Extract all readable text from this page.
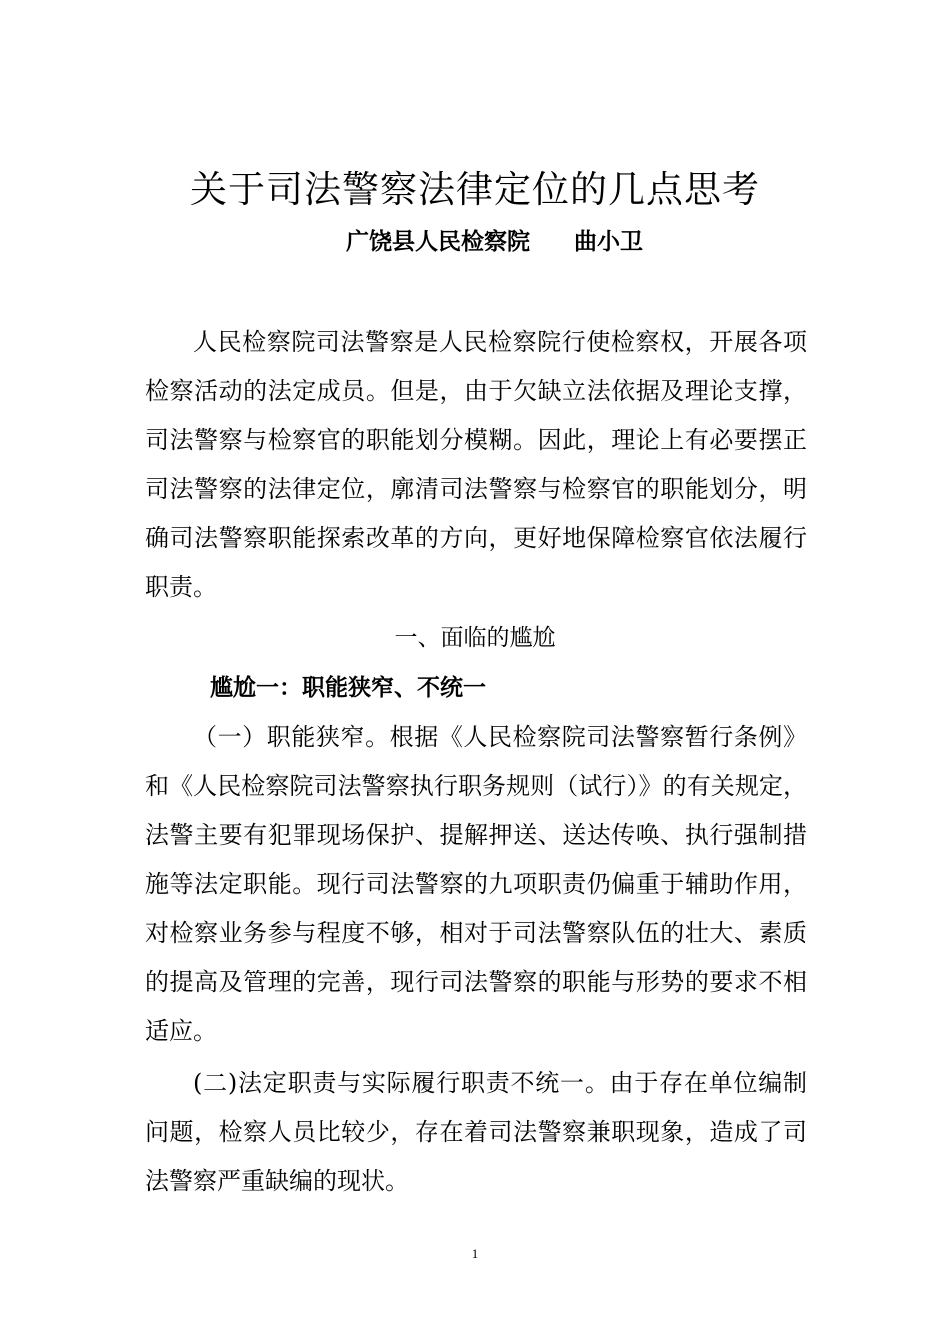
关于司法警察法律定位的几点思考
广饶县人民检察院 曲小卫

人民检察院司法警察是人民检察院行使检察权，开展各项检察活动的法定成员。但是，由于欠缺立法依据及理论支撑，司法警察与检察官的职能划分模糊。因此，理论上有必要摆正司法警察的法律定位，廓清司法警察与检察官的职能划分，明确司法警察职能探索改革的方向，更好地保障检察官依法履行职责。

一、面临的尴尬
尴尬一：职能狭窄、不统一

（一）职能狭窄。根据《人民检察院司法警察暂行条例》和《人民检察院司法警察执行职务规则（试行）》的有关规定，法警主要有犯罪现场保护、提解押送、送达传唤、执行强制措施等法定职能。现行司法警察的九项职责仍偏重于辅助作用，对检察业务参与程度不够，相对于司法警察队伍的壮大、素质的提高及管理的完善，现行司法警察的职能与形势的要求不相适应。

(二)法定职责与实际履行职责不统一。由于存在单位编制问题，检察人员比较少，存在着司法警察兼职现象，造成了司法警察严重缺编的现状。

1
